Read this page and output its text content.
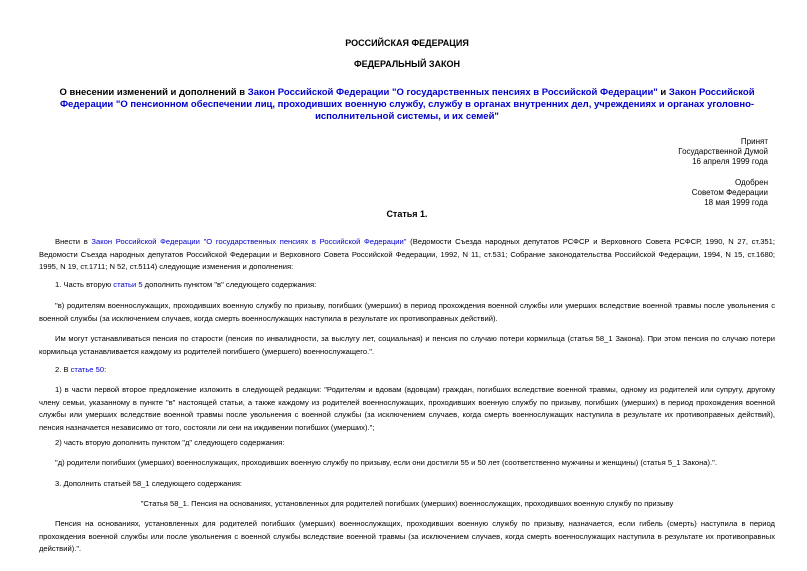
РОССИЙСКАЯ ФЕДЕРАЦИЯ
ФЕДЕРАЛЬНЫЙ ЗАКОН
О внесении изменений и дополнений в Закон Российской Федерации "О государственных пенсиях в Российской Федерации" и Закон Российской Федерации "О пенсионном обеспечении лиц, проходивших военную службу, службу в органах внутренних дел, учреждениях и органах уголовно-исполнительной системы, и их семей"
Принят
Государственной Думой
16 апреля 1999 года
Одобрен
Советом Федерации
18 мая 1999 года
Статья 1.
Внести в Закон Российской Федерации "О государственных пенсиях в Российской Федерации" (Ведомости Съезда народных депутатов РСФСР и Верховного Совета РСФСР, 1990, N 27, ст.351; Ведомости Съезда народных депутатов Российской Федерации и Верховного Совета Российской Федерации, 1992, N 11, ст.531; Собрание законодательства Российской Федерации, 1994, N 15, ст.1680; 1995, N 19, ст.1711; N 52, ст.5114) следующие изменения и дополнения:
1. Часть вторую статьи 5 дополнить пунктом "в" следующего содержания:
"в) родителям военнослужащих, проходивших военную службу по призыву, погибших (умерших) в период прохождения военной службы или умерших вследствие военной травмы после увольнения с военной службы (за исключением случаев, когда смерть военнослужащих наступила в результате их противоправных действий).
Им могут устанавливаться пенсия по старости (пенсия по инвалидности, за выслугу лет, социальная) и пенсия по случаю потери кормильца (статья 58_1 Закона). При этом пенсия по случаю потери кормильца устанавливается каждому из родителей погибшего (умершего) военнослужащего.".
2. В статье 50:
1) в части первой второе предложение изложить в следующей редакции: "Родителям и вдовам (вдовцам) граждан, погибших вследствие военной травмы, одному из родителей или супругу, другому члену семьи, указанному в пункте "в" настоящей статьи, а также каждому из родителей военнослужащих, проходивших военную службу по призыву, погибших (умерших) в период прохождения военной службы или умерших вследствие военной травмы после увольнения с военной службы (за исключением случаев, когда смерть военнослужащих наступила в результате их противоправных действий), пенсия назначается независимо от того, состояли ли они на иждивении погибших (умерших).";
2) часть вторую дополнить пунктом "д" следующего содержания:
"д) родители погибших (умерших) военнослужащих, проходивших военную службу по призыву, если они достигли 55 и 50 лет (соответственно мужчины и женщины) (статья 5_1 Закона).".
3. Дополнить статьей 58_1 следующего содержания:
"Статья 58_1. Пенсия на основаниях, установленных для родителей погибших (умерших) военнослужащих, проходивших военную службу по призыву
Пенсия на основаниях, установленных для родителей погибших (умерших) военнослужащих, проходивших военную службу по призыву, назначается, если гибель (смерть) наступила в период прохождения военной службы или после увольнения с военной службы вследствие военной травмы (за исключением случаев, когда смерть военнослужащих наступила в результате их противоправных действий).".
